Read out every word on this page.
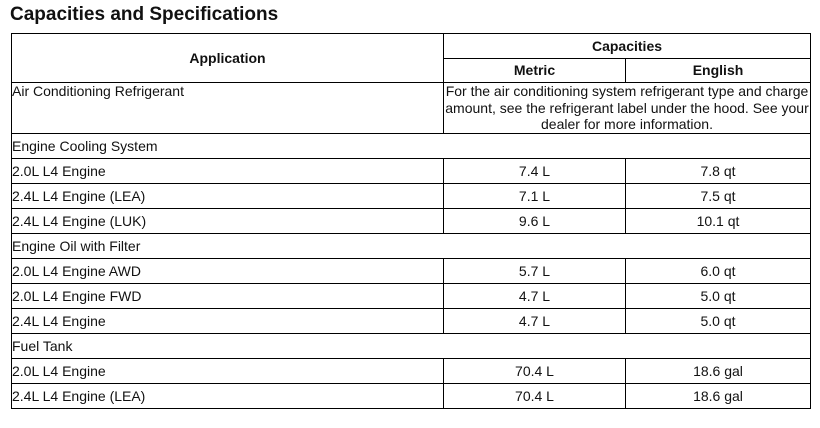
Capacities and Specifications
Application	Capacities	
	Metric	English
Air Conditioning Refrigerant	For the air conditioning system refrigerant type and charge amount, see the refrigerant label under the hood. See your dealer for more information.	
Engine Cooling System		
2.0L L4 Engine	7.4 L	7.8 qt
2.4L L4 Engine (LEA)	7.1 L	7.5 qt
2.4L L4 Engine (LUK)	9.6 L	10.1 qt
Engine Oil with Filter		
2.0L L4 Engine AWD	5.7 L	6.0 qt
2.0L L4 Engine FWD	4.7 L	5.0 qt
2.4L L4 Engine	4.7 L	5.0 qt
Fuel Tank		
2.0L L4 Engine	70.4 L	18.6 gal
2.4L L4 Engine (LEA)	70.4 L	18.6 gal
